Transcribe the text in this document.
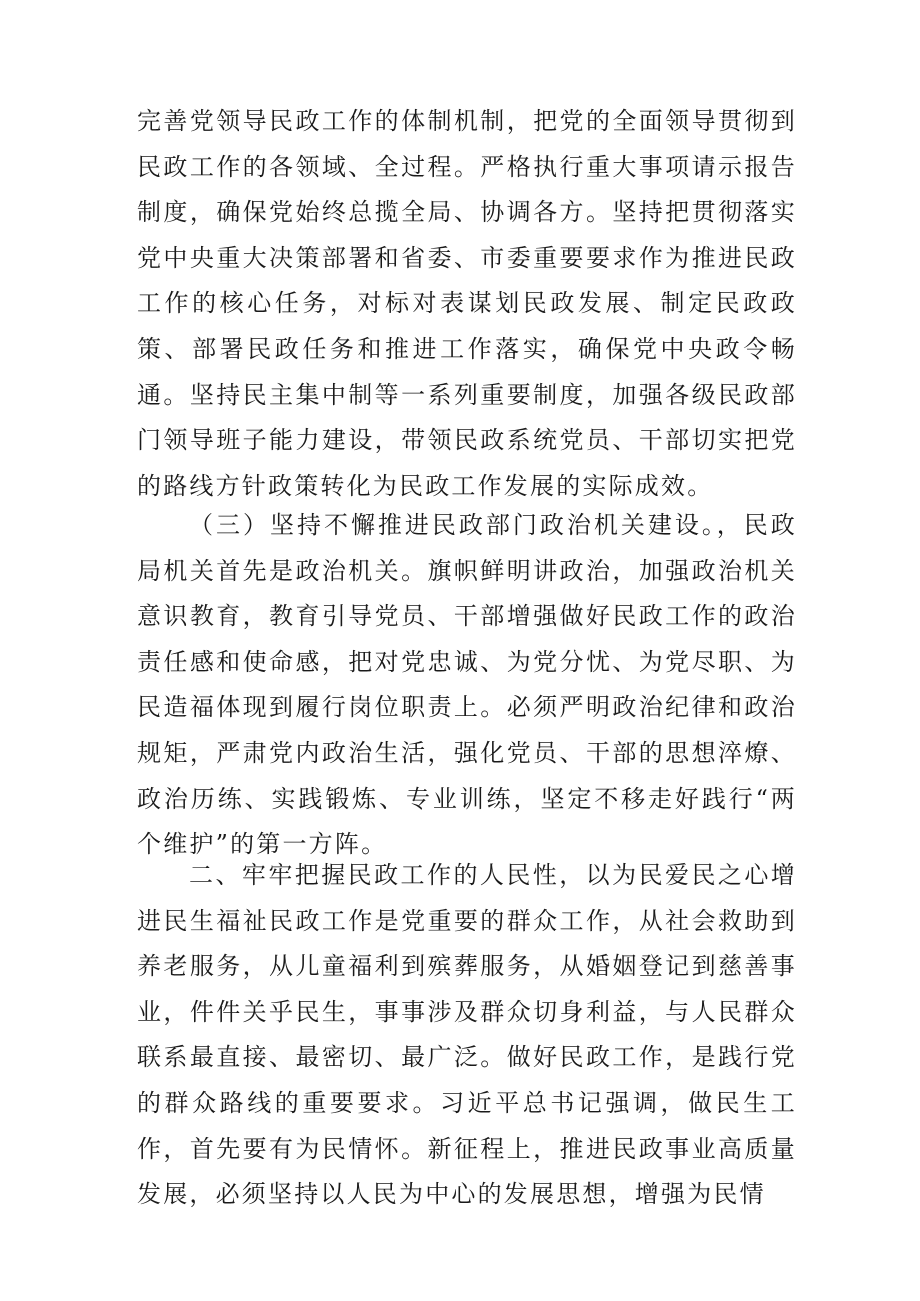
完善党领导民政工作的体制机制，把党的全面领导贯彻到民政工作的各领域、全过程。严格执行重大事项请示报告制度，确保党始终总揽全局、协调各方。坚持把贯彻落实党中央重大决策部署和省委、市委重要要求作为推进民政工作的核心任务，对标对表谋划民政发展、制定民政政策、部署民政任务和推进工作落实，确保党中央政令畅通。坚持民主集中制等一系列重要制度，加强各级民政部门领导班子能力建设，带领民政系统党员、干部切实把党的路线方针政策转化为民政工作发展的实际成效。

（三）坚持不懈推进民政部门政治机关建设。，民政局机关首先是政治机关。旗帜鲜明讲政治，加强政治机关意识教育，教育引导党员、干部增强做好民政工作的政治责任感和使命感，把对党忠诚、为党分忧、为党尽职、为民造福体现到履行岗位职责上。必须严明政治纪律和政治规矩，严肃党内政治生活，强化党员、干部的思想淬燎、政治历练、实践锻炼、专业训练，坚定不移走好践行“两个维护”的第一方阵。

二、牢牢把握民政工作的人民性，以为民爱民之心增进民生福祉民政工作是党重要的群众工作，从社会救助到养老服务，从儿童福利到殡葬服务，从婚姻登记到慈善事业，件件关乎民生，事事涉及群众切身利益，与人民群众联系最直接、最密切、最广泛。做好民政工作，是践行党的群众路线的重要要求。习近平总书记强调，做民生工作，首先要有为民情怀。新征程上，推进民政事业高质量发展，必须坚持以人民为中心的发展思想，增强为民情
